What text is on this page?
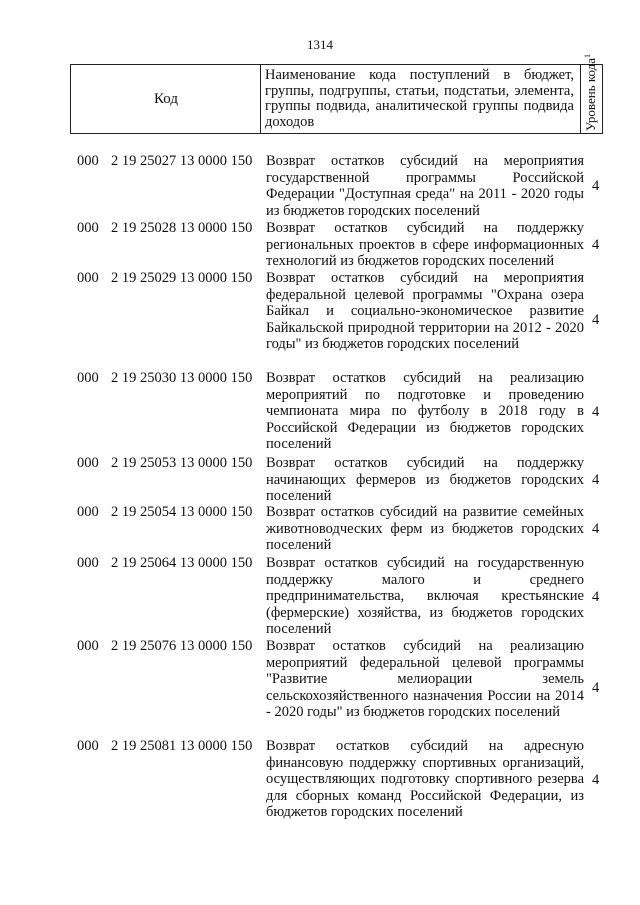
1314
Код
Наименование кода поступлений в бюджет, группы, подгруппы, статьи, подстатьи, элемента, группы подвида, аналитической группы подвида доходов	Уровень кода$^1$
000 2 19 25027 13 0000 150 Возврат остатков субсидий на мероприятия государственной программы Российской Федерации "Доступная среда" на 2011 - 2020 годы из бюджетов городских поселений
4
000 2 19 25028 13 0000 150 Возврат остатков субсидий на поддержку региональных проектов в сфере информационных технологий из бюджетов городских поселений
4
000 2 19 25029 13 0000 150 Возврат остатков субсидий на мероприятия федеральной целевой программы "Охрана озера Байкал и социально-экономическое развитие Байкальской природной территории на 2012 - 2020 годы" из бюджетов городских поселений
4
000 2 19 25030 13 0000 150 Возврат остатков субсидий на реализацию мероприятий по подготовке и проведению чемпионата мира по футболу в 2018 году в Российской Федерации из бюджетов городских поселений
4
000 2 19 25053 13 0000 150 Возврат остатков субсидий на поддержку начинающих фермеров из бюджетов городских поселений
4
000 2 19 25054 13 0000 150 Возврат остатков субсидий на развитие семейных животноводческих ферм из бюджетов городских поселений
4
000 2 19 25064 13 0000 150 Возврат остатков субсидий на государственную поддержку малого и среднего предпринимательства, включая крестьянские (фермерские) хозяйства, из бюджетов городских поселений
4
000 2 19 25076 13 0000 150 Возврат остатков субсидий на реализацию мероприятий федеральной целевой программы "Развитие мелиорации земель сельскохозяйственного назначения России на 2014 - 2020 годы" из бюджетов городских поселений
4
000 2 19 25081 13 0000 150 Возврат остатков субсидий на адресную финансовую поддержку спортивных организаций, осуществляющих подготовку спортивного резерва для сборных команд Российской Федерации, из бюджетов городских поселений
4
